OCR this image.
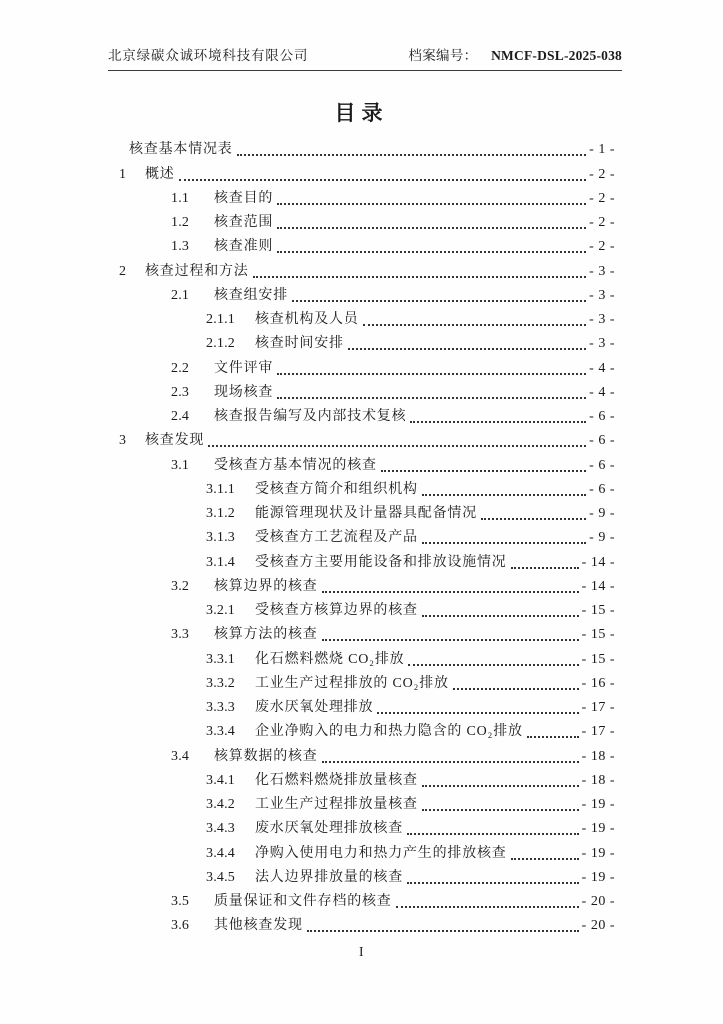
北京绿碳众诚环境科技有限公司	档案编号： NMCF-DSL-2025-038
目录
核查基本情况表	- 1 -
1	概述	- 2 -
1.1	核查目的	- 2 -
1.2	核查范围	- 2 -
1.3	核查准则	- 2 -
2	核查过程和方法	- 3 -
2.1	核查组安排	- 3 -
2.1.1	核查机构及人员	- 3 -
2.1.2	核查时间安排	- 3 -
2.2	文件评审	- 4 -
2.3	现场核查	- 4 -
2.4	核查报告编写及内部技术复核	- 6 -
3	核查发现	- 6 -
3.1	受核查方基本情况的核查	- 6 -
3.1.1	受核查方简介和组织机构	- 6 -
3.1.2	能源管理现状及计量器具配备情况	- 9 -
3.1.3	受核查方工艺流程及产品	- 9 -
3.1.4	受核查方主要用能设备和排放设施情况	- 14 -
3.2	核算边界的核查	- 14 -
3.2.1	受核查方核算边界的核查	- 15 -
3.3	核算方法的核查	- 15 -
3.3.1	化石燃料燃烧 CO₂排放	- 15 -
3.3.2	工业生产过程排放的 CO₂排放	- 16 -
3.3.3	废水厌氧处理排放	- 17 -
3.3.4	企业净购入的电力和热力隐含的 CO₂排放	- 17 -
3.4	核算数据的核查	- 18 -
3.4.1	化石燃料燃烧排放量核查	- 18 -
3.4.2	工业生产过程排放量核查	- 19 -
3.4.3	废水厌氧处理排放核查	- 19 -
3.4.4	净购入使用电力和热力产生的排放核查	- 19 -
3.4.5	法人边界排放量的核查	- 19 -
3.5	质量保证和文件存档的核查	- 20 -
3.6	其他核查发现	- 20 -
I
